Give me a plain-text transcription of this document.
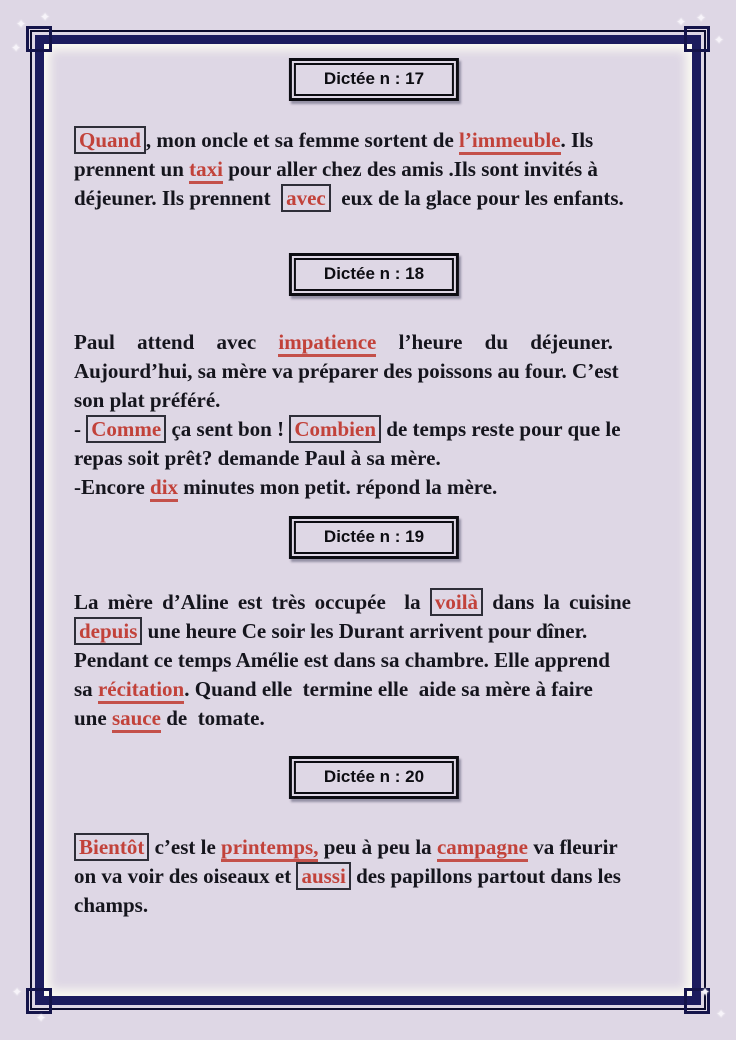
✦ ✦
✦
✦
✦
✦
✦
✦
✦
✦
Dictée n : 17
Quand , mon oncle et sa femme sortent de l’immeuble. Ils
prennent un taxi pour aller chez des amis .Ils sont invités à
déjeuner. Ils prennent  avec  eux de la glace pour les enfants.
Dictée n : 18
Paul attend avec impatience l’heure du déjeuner.
Aujourd’hui, sa mère va préparer des poissons au four. C’est
son plat préféré.
- Comme ça sent bon ! Combien de temps reste pour que le
repas soit prêt? demande Paul à sa mère.
-Encore dix minutes mon petit. répond la mère.
Dictée n : 19
La mère d’Aline est très occupée  la voilà dans la cuisine
depuis une heure Ce soir les Durant arrivent pour dîner.
Pendant ce temps Amélie est dans sa chambre. Elle apprend
sa récitation. Quand elle  termine elle  aide sa mère à faire
une sauce de  tomate.
Dictée n : 20
Bientôt c’est le printemps, peu à peu la campagne va fleurir
on va voir des oiseaux et aussi des papillons partout dans les
champs.
